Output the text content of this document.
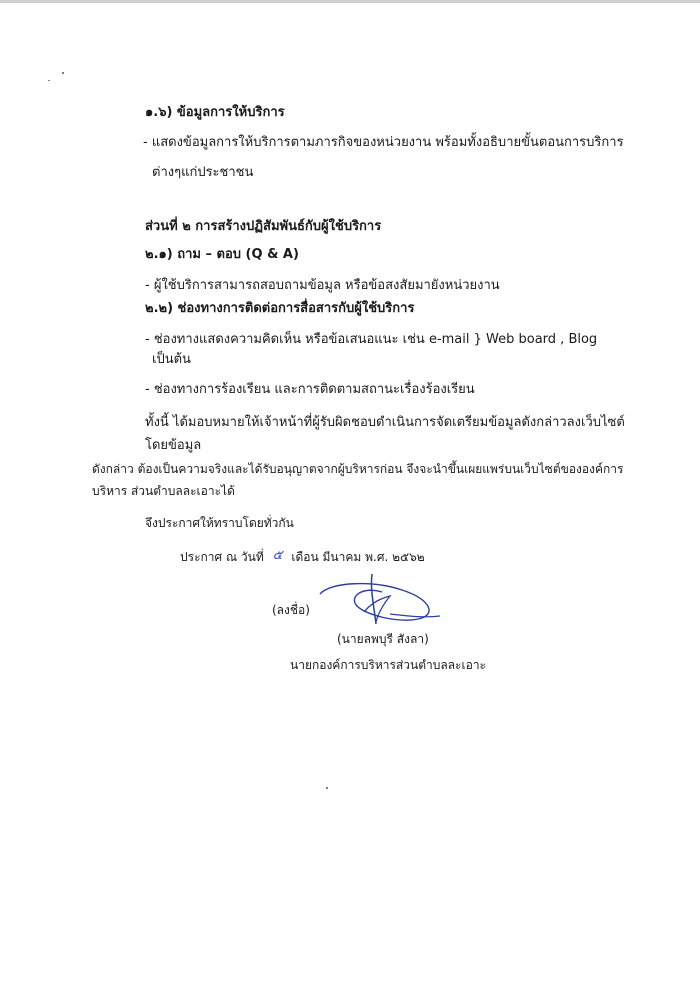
๑.๖) ข้อมูลการให้บริการ
- แสดงข้อมูลการให้บริการตามภารกิจของหน่วยงาน พร้อมทั้งอธิบายขั้นตอนการบริการ
ต่างๆแก่ประชาชน
ส่วนที่ ๒ การสร้างปฏิสัมพันธ์กับผู้ใช้บริการ
๒.๑) ถาม – ตอบ (Q & A)
- ผู้ใช้บริการสามารถสอบถามข้อมูล หรือข้อสงสัยมายังหน่วยงาน
๒.๒) ช่องทางการติดต่อการสื่อสารกับผู้ใช้บริการ
- ช่องทางแสดงความคิดเห็น หรือข้อเสนอแนะ เช่น e-mail } Web board , Blog
เป็นต้น
- ช่องทางการร้องเรียน และการติดตามสถานะเรื่องร้องเรียน
ทั้งนี้ ได้มอบหมายให้เจ้าหน้าที่ผู้รับผิดชอบดำเนินการจัดเตรียมข้อมูลดังกล่าวลงเว็บไซต์
โดยข้อมูล
ดังกล่าว ต้องเป็นความจริงและได้รับอนุญาตจากผู้บริหารก่อน จึงจะนำขึ้นเผยแพร่บนเว็บไซต์ขององค์การ
บริหาร ส่วนตำบลละเอาะได้
จึงประกาศให้ทราบโดยทั่วกัน
ประกาศ ณ วันที่ ๕ เดือน มีนาคม พ.ศ. ๒๕๖๒
(ลงชื่อ)
(นายลพบุรี สังลา)
นายกองค์การบริหารส่วนตำบลละเอาะ
